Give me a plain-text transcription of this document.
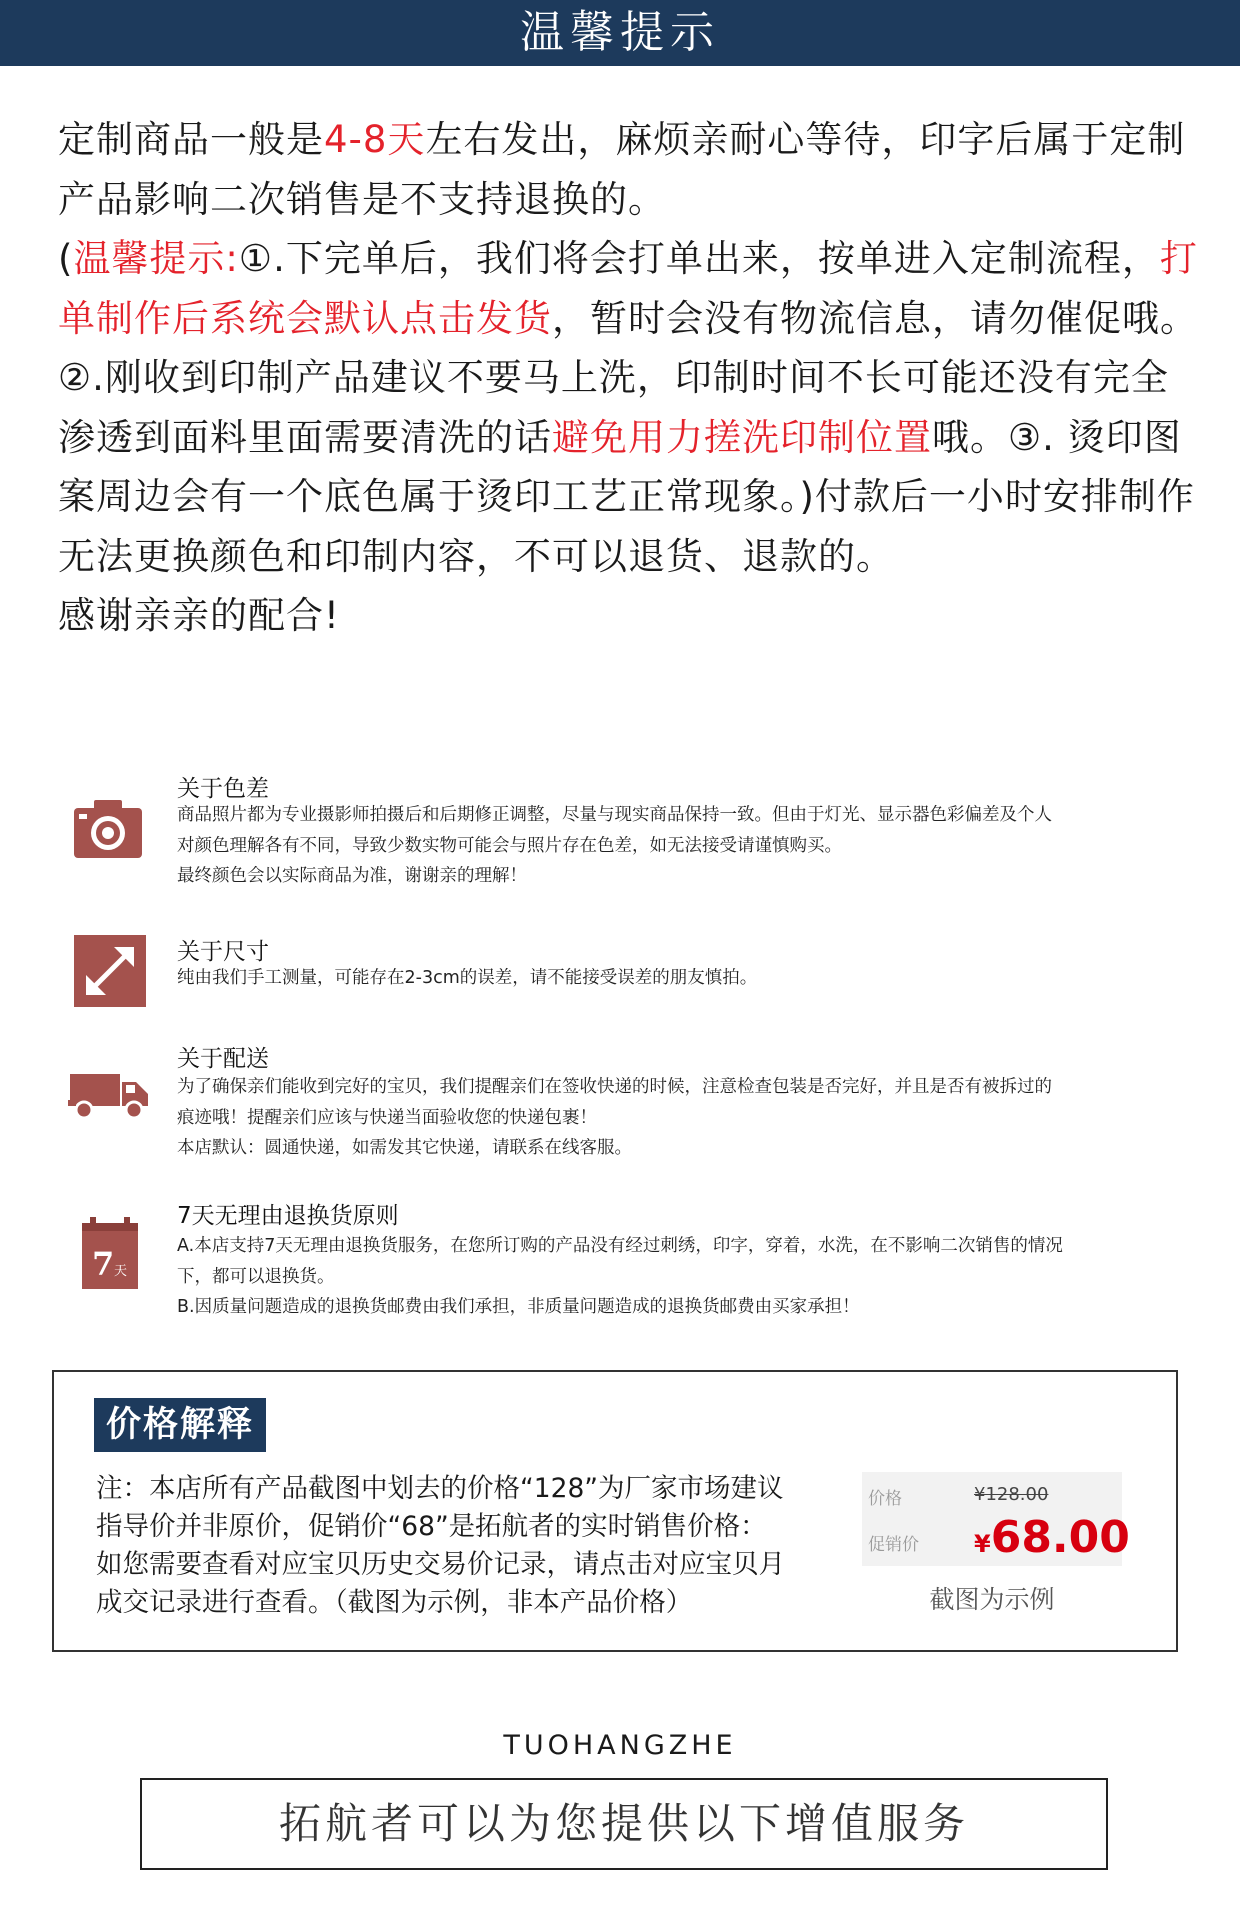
温馨提示
定制商品一般是4-8天左右发出，麻烦亲耐心等待，印字后属于定制产品影响二次销售是不支持退换的。
(温馨提示:①.下完单后，我们将会打单出来，按单进入定制流程，打单制作后系统会默认点击发货，暂时会没有物流信息，请勿催促哦。②.刚收到印制产品建议不要马上洗，印制时间不长可能还没有完全渗透到面料里面需要清洗的话避免用力搓洗印制位置哦。③. 烫印图案周边会有一个底色属于烫印工艺正常现象。)付款后一小时安排制作无法更换颜色和印制内容，不可以退货、退款的。
感谢亲亲的配合!
关于色差
商品照片都为专业摄影师拍摄后和后期修正调整，尽量与现实商品保持一致。但由于灯光、显示器色彩偏差及个人
对颜色理解各有不同，导致少数实物可能会与照片存在色差，如无法接受请谨慎购买。
最终颜色会以实际商品为准，谢谢亲的理解！
关于尺寸
纯由我们手工测量，可能存在2-3cm的误差，请不能接受误差的朋友慎拍。
关于配送
为了确保亲们能收到完好的宝贝，我们提醒亲们在签收快递的时候，注意检查包装是否完好，并且是否有被拆过的
痕迹哦！提醒亲们应该与快递当面验收您的快递包裹！
本店默认：圆通快递，如需发其它快递，请联系在线客服。
7 天
7天无理由退换货原则
A.本店支持7天无理由退换货服务，在您所订购的产品没有经过刺绣，印字，穿着，水洗，在不影响二次销售的情况
下，都可以退换货。
B.因质量问题造成的退换货邮费由我们承担，非质量问题造成的退换货邮费由买家承担！
价格解释
注：本店所有产品截图中划去的价格“128”为厂家市场建议
指导价并非原价，促销价“68”是拓航者的实时销售价格：
如您需要查看对应宝贝历史交易价记录，请点击对应宝贝月
成交记录进行查看。（截图为示例，非本产品价格）
价格	¥128.00
促销价 ¥68.00
截图为示例
TUOHANGZHE
拓航者可以为您提供以下增值服务
